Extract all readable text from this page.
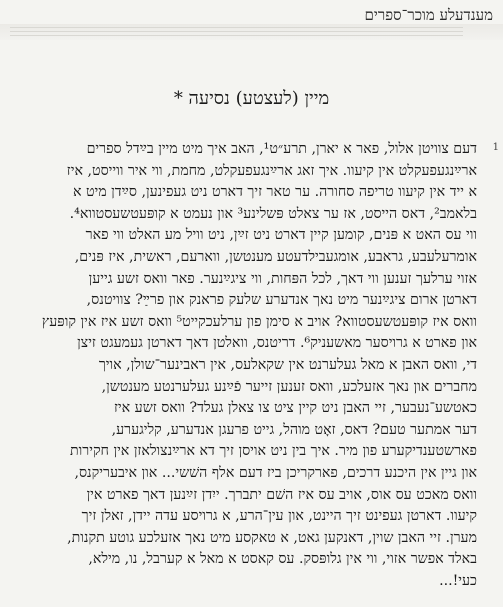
מענדעלע מוכר־ספרים
מיין (לעצטע) נסיעה *
1
דעם צוויטן אלול, פאר א יארן, תרע״ט¹, האב איך מיט מיין בײַדל ספרים
ארײַנגעפעקלט אין קיעוו. איך זאג ארײַנגעפעקלט, מחמת, ווי איר ווייסט, איז
א ייד אין קיעוו טריפה סחורה. ער טאר זיך דארט ניט געפינען, סײַדן מיט א
בלאמב², דאס הייסט, אז ער צאלט פּשלינע³ און נעמט א קופּעטשעסטווא⁴.
ווי עס האט א פּנים, קומען קיין דארט ניט זײַן, ניט וויל מע האלט ווי פאר
אומרעלעבע, גראבע, אומגעבילדעטע מענטשן, ווארעם, ראשית, איז פּנים,
אזוי ערלעך זענען ווי דאך, לכל הפּחות, ווי ציגײַנער. פאר וואס זשע גייען
דארטן ארום ציגײַנער מיט נאך אנדערע שלעק פראנק און פרײַ? צוויטנס,
וואס איז קופּעטשעסטווא? אויב א סימן פון ערלעכקייט⁵ וואס זשע איז אין קופּעץ
און פארט א גרויסער מאשעניק⁶. דריטנס, וואלטן דאך דארטן געמעגט זיצן
די, וואס האבן א מאל געלערנט אין שקאלעס, אין ראבינער־שולן, אויך
מחברים און נאך אזעלכע, וואס זענען זייער פֿײַנע געלערנטע מענטשן,
כאטשע־נעבער, זיי האבן ניט קיין ציט צו צאלן געלד? וואס זשע איז
דער אמתער טעם? דאס, זאָט מוהל, גייט פרעגן אנדערע, קליגערע,
פארשטענדיקערע פון מיר. איך בין ניט אויסן זיך דא ארײַנצולאזן אין חקירות
און גיין אין היכנע דרכים, פארקריכן ביז דעם אלף השׁשי... און איבעריקנס,
וואס מאכט עס אוס, אויב עס איז השׁם יתברך. ייִדן זײַנען דאך פארט אין
קיעוו. דארטן געפינט זיך היינט, און עין־הרע, א גרויסע עדה יידן, זאלן זיך
מערן. זיי האבן שוין, דאנקען גאט, א טאקסע מיט נאך אזעלכע גוטע תקנות,
באלד אפשר אזוי, ווי אין גלופּסק. עס קאסט א מאל א קערבל, נו, מילא,
כעי!...
